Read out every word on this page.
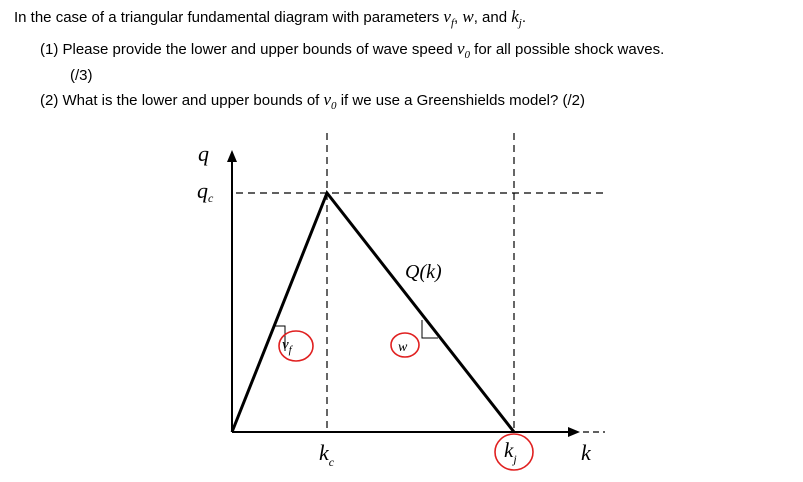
In the case of a triangular fundamental diagram with parameters $v_f$, w, and $k_j$.
(1) Please provide the lower and upper bounds of wave speed $v_0$ for all possible shock waves.
(/3)
(2) What is the lower and upper bounds of $v_0$ if we use a Greenshields model? (/2)
q
qc
Q(k)
$v_f$	w
$k_c$	$k_j$	k
